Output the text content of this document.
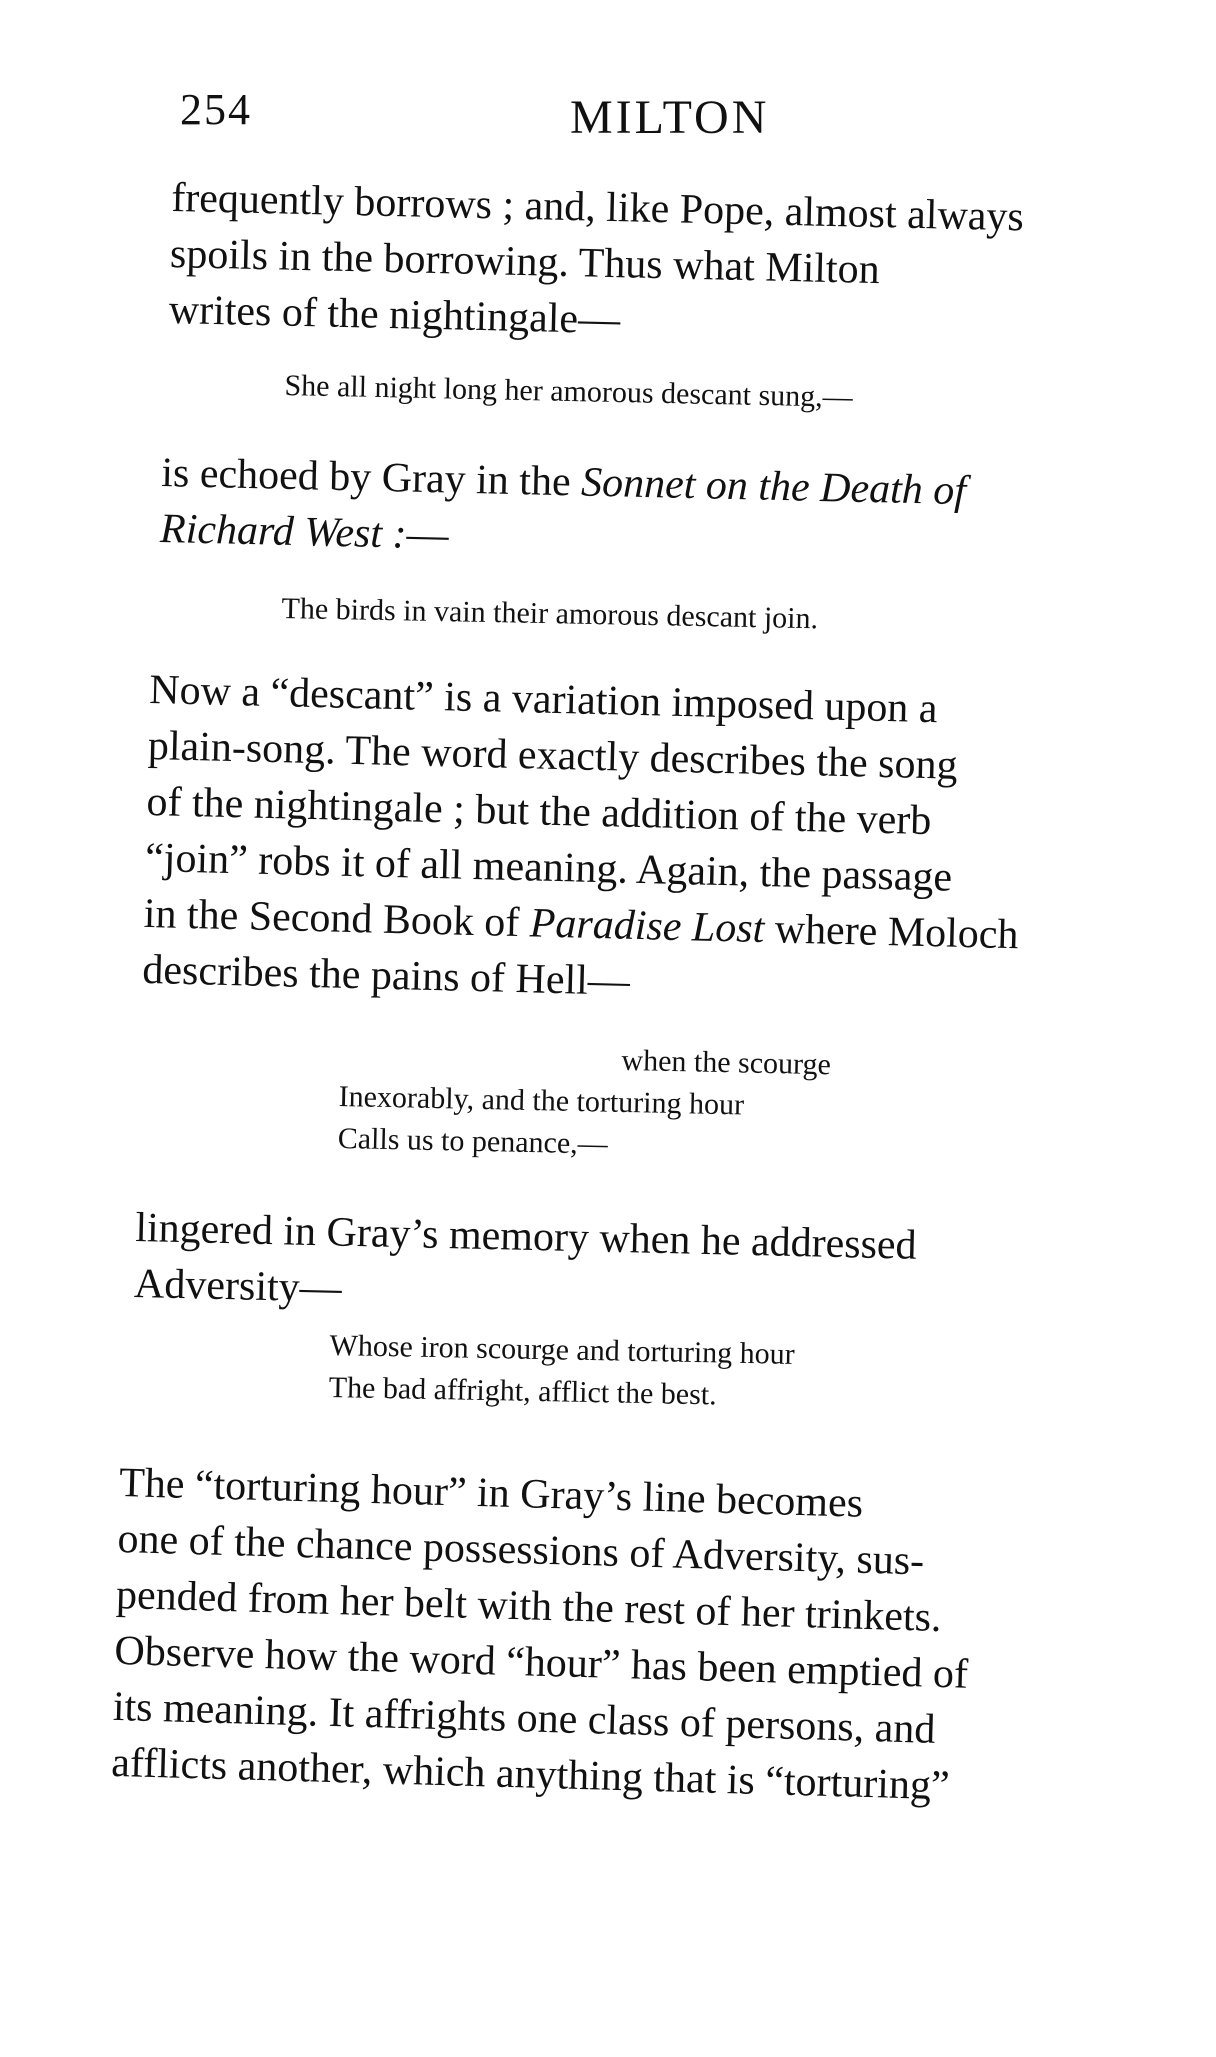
254	MILTON
frequently borrows ; and, like Pope, almost always
spoils in the borrowing. Thus what Milton
writes of the nightingale—
She all night long her amorous descant sung,—
is echoed by Gray in the Sonnet on the Death of
Richard West :—
The birds in vain their amorous descant join.
Now a “descant” is a variation imposed upon a
plain-song. The word exactly describes the song
of the nightingale ; but the addition of the verb
“join” robs it of all meaning. Again, the passage
in the Second Book of Paradise Lost where Moloch
describes the pains of Hell—
when the scourge
Inexorably, and the torturing hour
Calls us to penance,—
lingered in Gray’s memory when he addressed
Adversity—
Whose iron scourge and torturing hour
The bad affright, afflict the best.
The “torturing hour” in Gray’s line becomes
one of the chance possessions of Adversity, sus-
pended from her belt with the rest of her trinkets.
Observe how the word “hour” has been emptied of
its meaning. It affrights one class of persons, and
afflicts another, which anything that is “torturing”
